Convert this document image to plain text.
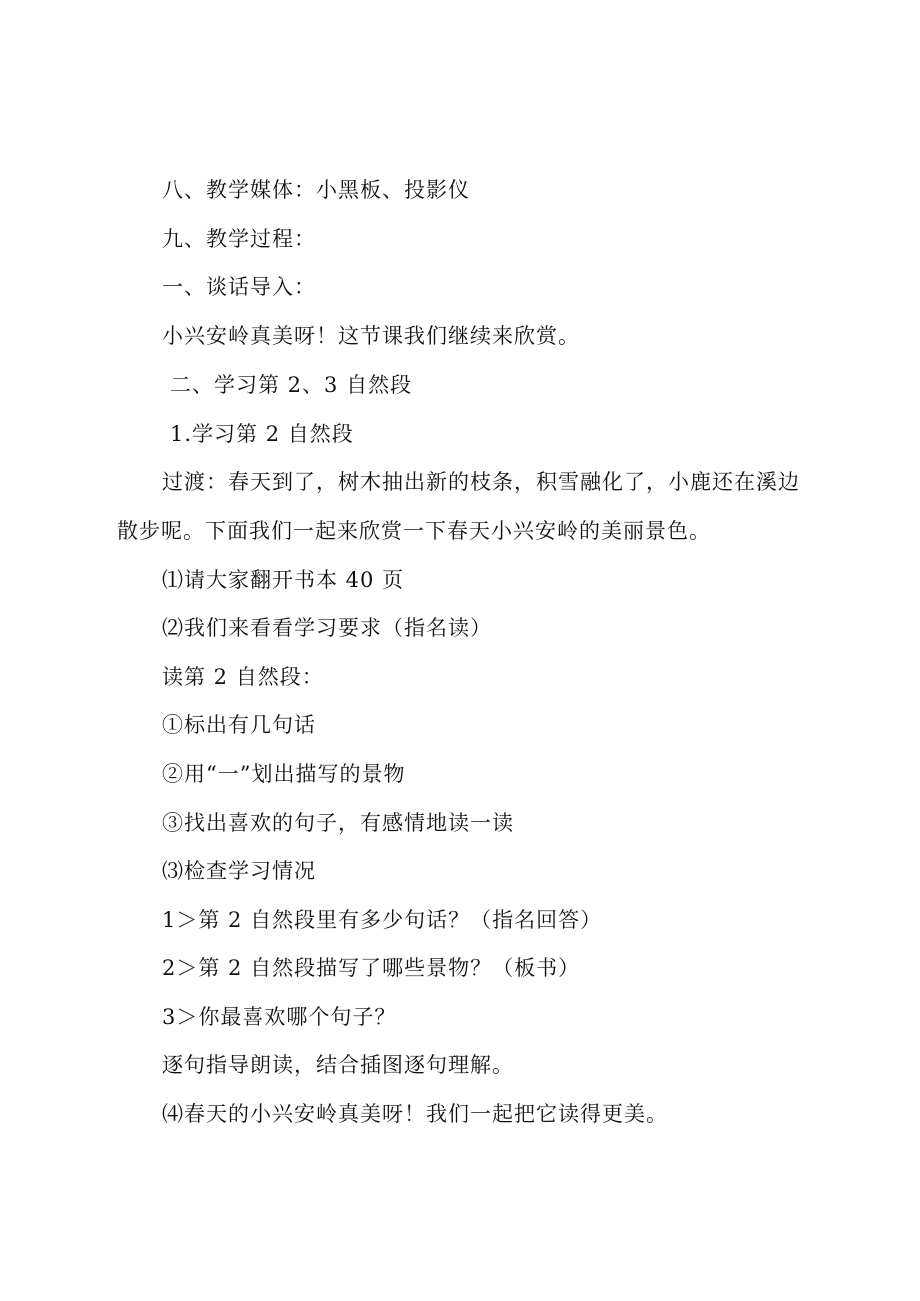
八、教学媒体：小黑板、投影仪
九、教学过程：
一、谈话导入：
小兴安岭真美呀！这节课我们继续来欣赏。
二、学习第 2、3 自然段
1.学习第 2 自然段
过渡：春天到了，树木抽出新的枝条，积雪融化了，小鹿还在溪边
散步呢。下面我们一起来欣赏一下春天小兴安岭的美丽景色。
⑴请大家翻开书本 40 页
⑵我们来看看学习要求（指名读）
读第 2 自然段：
①标出有几句话
②用“一”划出描写的景物
③找出喜欢的句子，有感情地读一读
⑶检查学习情况
1＞第 2 自然段里有多少句话？（指名回答）
2＞第 2 自然段描写了哪些景物？（板书）
3＞你最喜欢哪个句子？
逐句指导朗读，结合插图逐句理解。
⑷春天的小兴安岭真美呀！我们一起把它读得更美。
